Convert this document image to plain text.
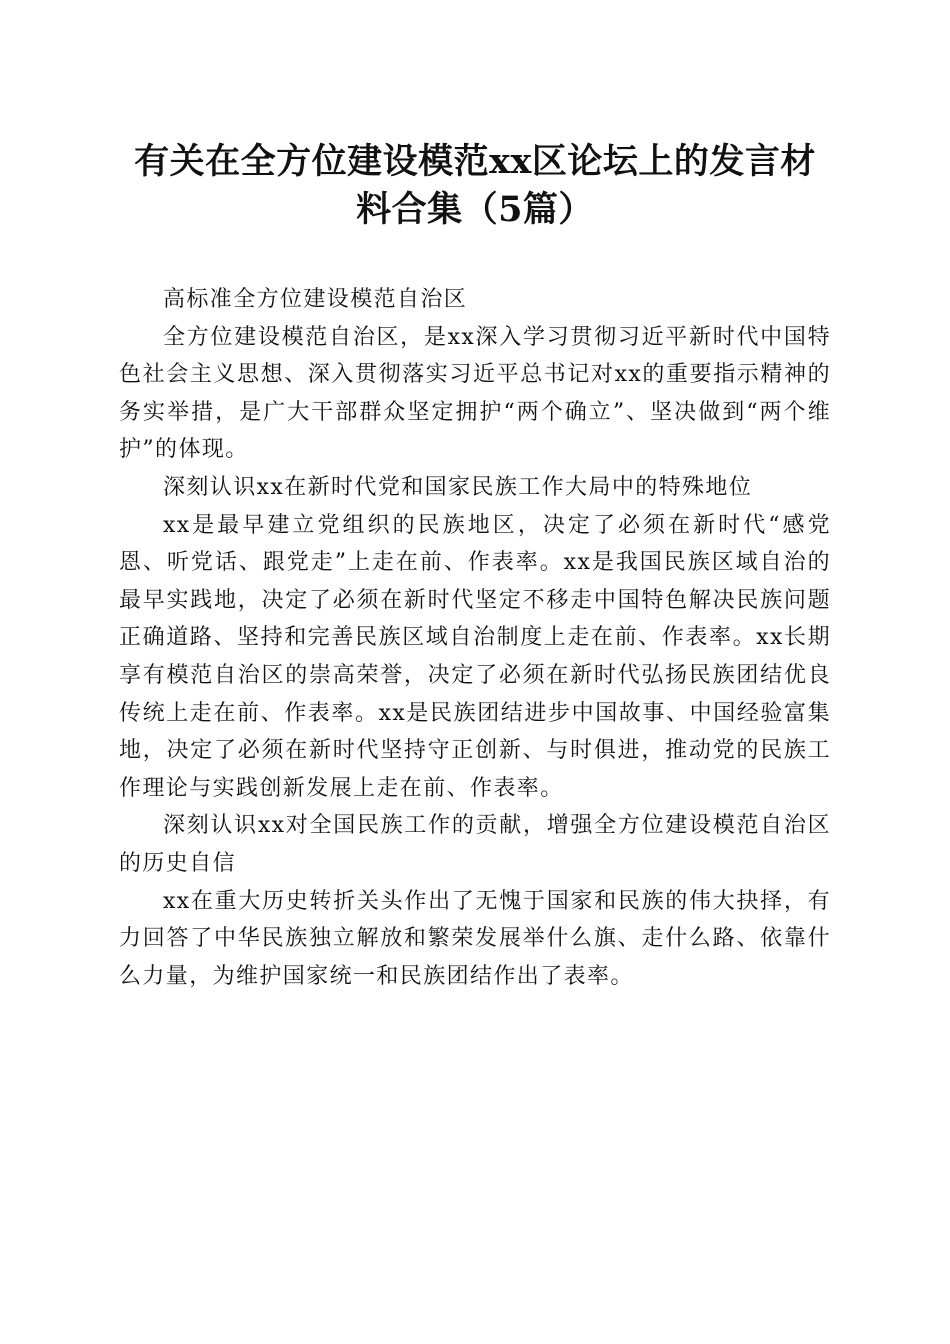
有关在全方位建设模范xx区论坛上的发言材
料合集（5篇）

高标准全方位建设模范自治区

全方位建设模范自治区，是xx深入学习贯彻习近平新时代中国特色社会主义思想、深入贯彻落实习近平总书记对xx的重要指示精神的务实举措，是广大干部群众坚定拥护“两个确立”、坚决做到“两个维护”的体现。

深刻认识xx在新时代党和国家民族工作大局中的特殊地位

xx是最早建立党组织的民族地区，决定了必须在新时代“感党恩、听党话、跟党走”上走在前、作表率。xx是我国民族区域自治的最早实践地，决定了必须在新时代坚定不移走中国特色解决民族问题正确道路、坚持和完善民族区域自治制度上走在前、作表率。xx长期享有模范自治区的崇高荣誉，决定了必须在新时代弘扬民族团结优良传统上走在前、作表率。xx是民族团结进步中国故事、中国经验富集地，决定了必须在新时代坚持守正创新、与时俱进，推动党的民族工作理论与实践创新发展上走在前、作表率。

深刻认识xx对全国民族工作的贡献，增强全方位建设模范自治区的历史自信

xx在重大历史转折关头作出了无愧于国家和民族的伟大抉择，有力回答了中华民族独立解放和繁荣发展举什么旗、走什么路、依靠什么力量，为维护国家统一和民族团结作出了表率。
